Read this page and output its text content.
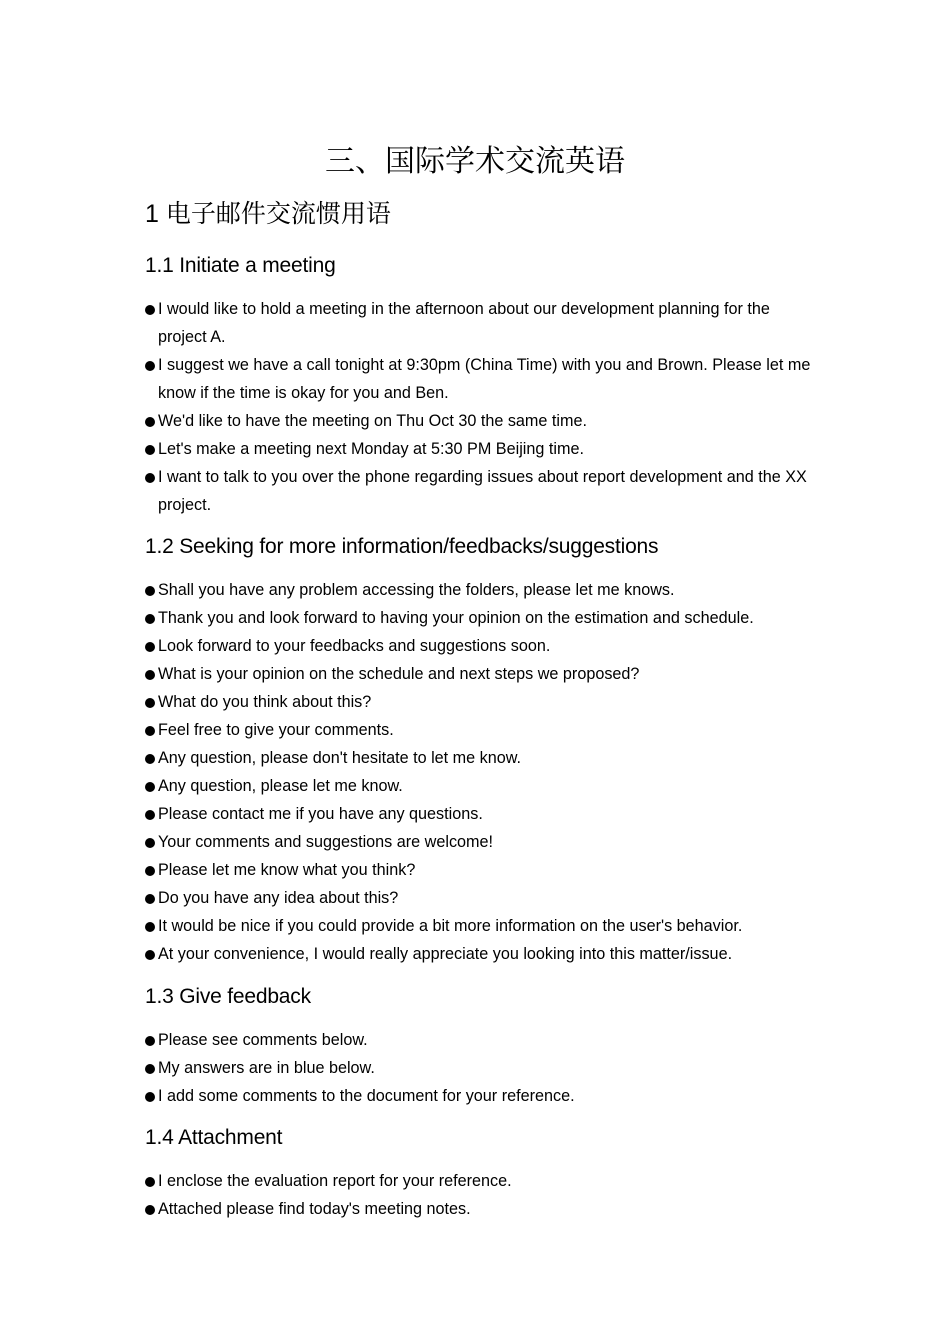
三、国际学术交流英语
1 电子邮件交流惯用语
1.1 Initiate a meeting
I would like to hold a meeting in the afternoon about our development planning for the project A.
I suggest we have a call tonight at 9:30pm (China Time) with you and Brown. Please let me know if the time is okay for you and Ben.
We'd like to have the meeting on Thu Oct 30 the same time.
Let's make a meeting next Monday at 5:30 PM Beijing time.
I want to talk to you over the phone regarding issues about report development and the XX project.
1.2 Seeking for more information/feedbacks/suggestions
Shall you have any problem accessing the folders, please let me knows.
Thank you and look forward to having your opinion on the estimation and schedule.
Look forward to your feedbacks and suggestions soon.
What is your opinion on the schedule and next steps we proposed?
What do you think about this?
Feel free to give your comments.
Any question, please don't hesitate to let me know.
Any question, please let me know.
Please contact me if you have any questions.
Your comments and suggestions are welcome!
Please let me know what you think?
Do you have any idea about this?
It would be nice if you could provide a bit more information on the user's behavior.
At your convenience, I would really appreciate you looking into this matter/issue.
1.3 Give feedback
Please see comments below.
My answers are in blue below.
I add some comments to the document for your reference.
1.4 Attachment
I enclose the evaluation report for your reference.
Attached please find today's meeting notes.
